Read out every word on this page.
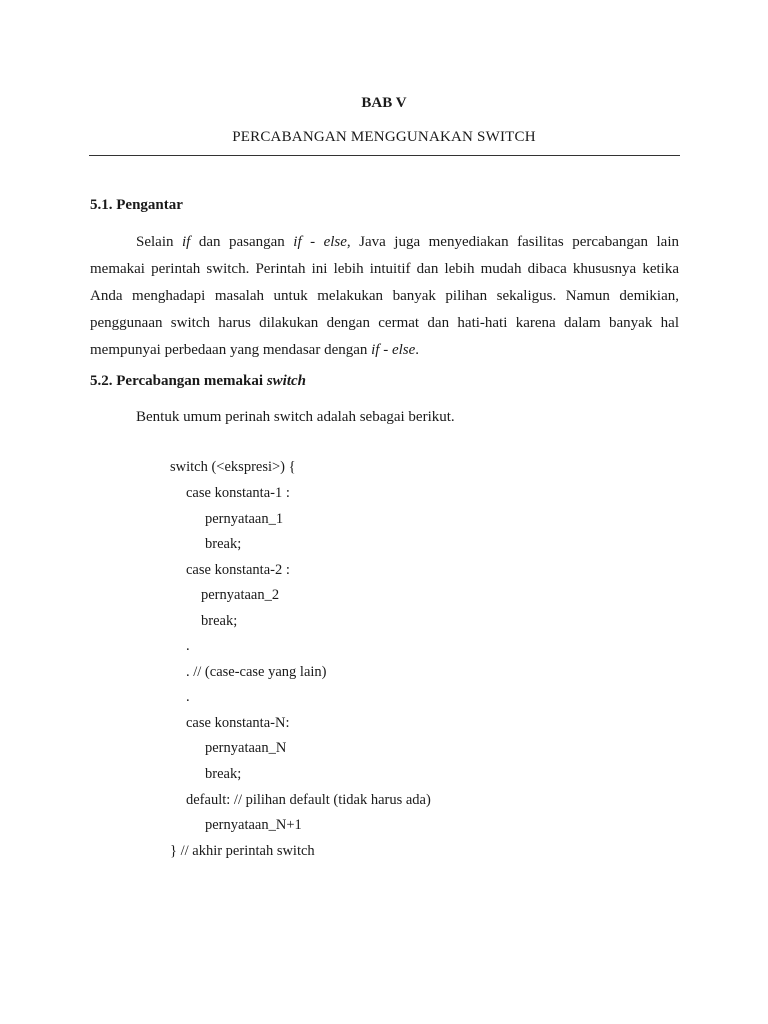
BAB V
PERCABANGAN MENGGUNAKAN SWITCH
5.1. Pengantar
Selain if dan pasangan if - else, Java juga menyediakan fasilitas percabangan lain
memakai perintah switch. Perintah ini lebih intuitif dan lebih mudah dibaca khususnya ketika
Anda menghadapi masalah untuk melakukan banyak pilihan sekaligus. Namun demikian,
penggunaan switch harus dilakukan dengan cermat dan hati-hati karena dalam banyak hal
mempunyai perbedaan yang mendasar dengan if - else.
5.2. Percabangan memakai switch
Bentuk umum perinah switch adalah sebagai berikut.
switch (<ekspresi>) {
case konstanta-1 :
pernyataan_1
break;
case konstanta-2 :
pernyataan_2
break;
.
. // (case-case yang lain)
.
case konstanta-N:
pernyataan_N
break;
default: // pilihan default (tidak harus ada)
pernyataan_N+1
} // akhir perintah switch
